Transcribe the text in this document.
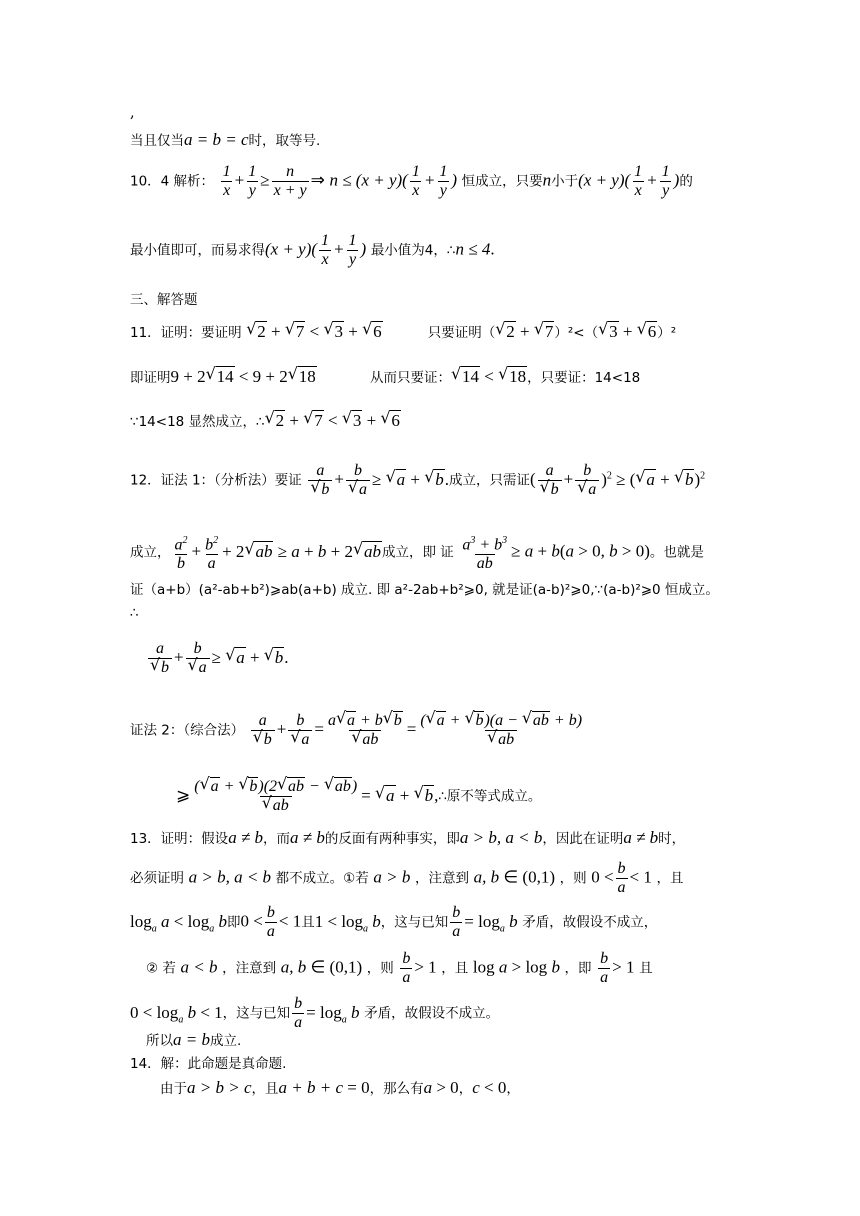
,
当且仅当a = b = c时，取等号.
10．4 解析： $\frac{1}{x} + \frac{1}{y} \ge \frac{n}{x + y}$ ⇒ $n \le (x + y)( \frac{1}{x} + \frac{1}{y}$ ) 恒成立，只要n小于$(x + y)( \frac{1}{x} + \frac{1}{y}$ )的
最小值即可，而易求得$(x + y)( \frac{1}{x} + \frac{1}{y}$ ) 最小值为4，∴n ≤ 4.
三、解答题
11．证明：要证明 √ 2 + √ 7 < √ 3 + √ 6	只要证明（√ 2 + √ 7）²<（√ 3 + √ 6）²
即证明9 + 2√ 14 < 9 + 2√ 18	从而只要证：√ 14 < √ 18，只要证：14<18
∵14<18 显然成立，∴√ 2 + √ 7 < √ 3 + √ 6
12．证法 1：（分析法）要证 a
√ b + b
√ a ≥ √ a + √ b.成立，只需证( a
√ b + b
√ a )$^2$ ≥ (√ a + √ b)$^2$
成立， $\frac{a^2}{b} + \frac{b^2}{a} + 2√$ ab ≥ a + b + 2√ ab成立，即 证 $\frac{a^3 + b^3}{ab} \ge a + b(a > 0$, b > 0)。也就是
证（a+b）(a²-ab+b²)⩾ab(a+b) 成立. 即 a²-2ab+b²⩾0, 就是证(a-b)²⩾0,∵(a-b)²⩾0 恒成立。
∴
a
√ b + b
√ a ≥ √ a + √ b.
证法 2：（综合法） a
√ b + b
√ a = a√ a + b√ b
√ ab = (√ a + √ b)(a − √ ab + b)
√ ab
⩾ (√ a + √ b)(2√ ab − √ ab)
√ ab = √ a + √ b,∴原不等式成立。
13．证明：假设a ≠ b，而a ≠ b的反面有两种事实，即a > b, a < b，因此在证明a ≠ b时，
必须证明 a > b, a < b 都不成立。①若 a > b ，注意到 a, b ∈ (0,1) ，则 $0 < \frac{b}{a} < 1$ ，且
$\log_a a < \log_a b$即$0 < \frac{b}{a} < 1$且$1 < \log_a b$，这与已知 $\frac{b}{a} = \log_a b$ 矛盾，故假设不成立，
② 若 a < b ，注意到 a, b ∈ (0,1) ，则 $\frac{b}{a} > 1$ ，且 log a > log b ，即 $\frac{b}{a} > 1$ 且
$0 < \log_a b < 1$，这与已知 $\frac{b}{a} = \log_a b$ 矛盾，故假设不成立。
所以a = b成立.
14．解：此命题是真命题.
由于a > b > c，且a + b + c = 0，那么有a > 0，c < 0，
